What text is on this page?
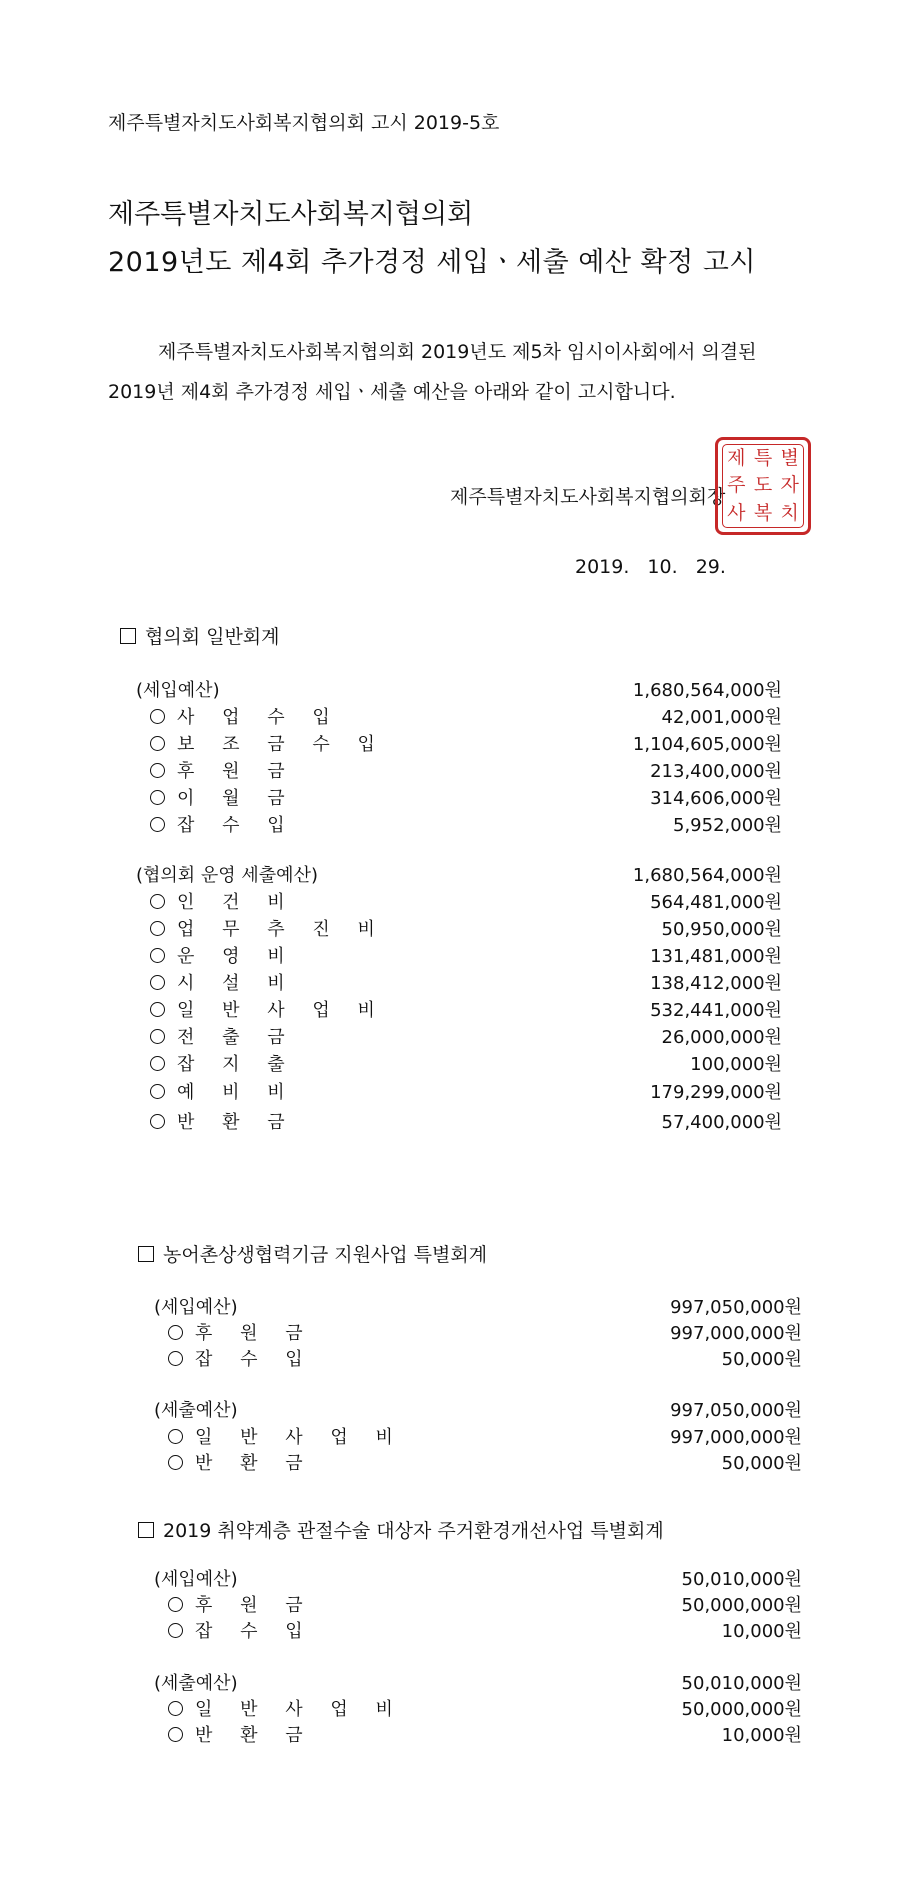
제주특별자치도사회복지협의회 고시 2019-5호
제주특별자치도사회복지협의회
2019년도 제4회 추가경정 세입ㆍ세출 예산 확정 고시
제주특별자치도사회복지협의회 2019년도 제5차 임시이사회에서 의결된
2019년 제4회 추가경정 세입ㆍ세출 예산을 아래와 같이 고시합니다.
제주특별자치도사회복지협의회장
제 특 별
주 도 자
사 복 치
2019. 10. 29.
협의회 일반회계
(세입예산)	1,680,564,000원
사 업 수 입	42,001,000원
보 조 금 수 입	1,104,605,000원
후 원 금	213,400,000원
이 월 금	314,606,000원
잡 수 입	5,952,000원
(협의회 운영 세출예산)	1,680,564,000원
인 건 비	564,481,000원
업 무 추 진 비	50,950,000원
운 영 비	131,481,000원
시 설 비	138,412,000원
일 반 사 업 비	532,441,000원
전 출 금	26,000,000원
잡 지 출	100,000원
예 비 비	179,299,000원
반 환 금	57,400,000원
농어촌상생협력기금 지원사업 특별회계
(세입예산)	997,050,000원
후 원 금	997,000,000원
잡 수 입	50,000원
(세출예산)	997,050,000원
일 반 사 업 비	997,000,000원
반 환 금	50,000원
2019 취약계층 관절수술 대상자 주거환경개선사업 특별회계
(세입예산)	50,010,000원
후 원 금	50,000,000원
잡 수 입	10,000원
(세출예산)	50,010,000원
일 반 사 업 비	50,000,000원
반 환 금	10,000원
